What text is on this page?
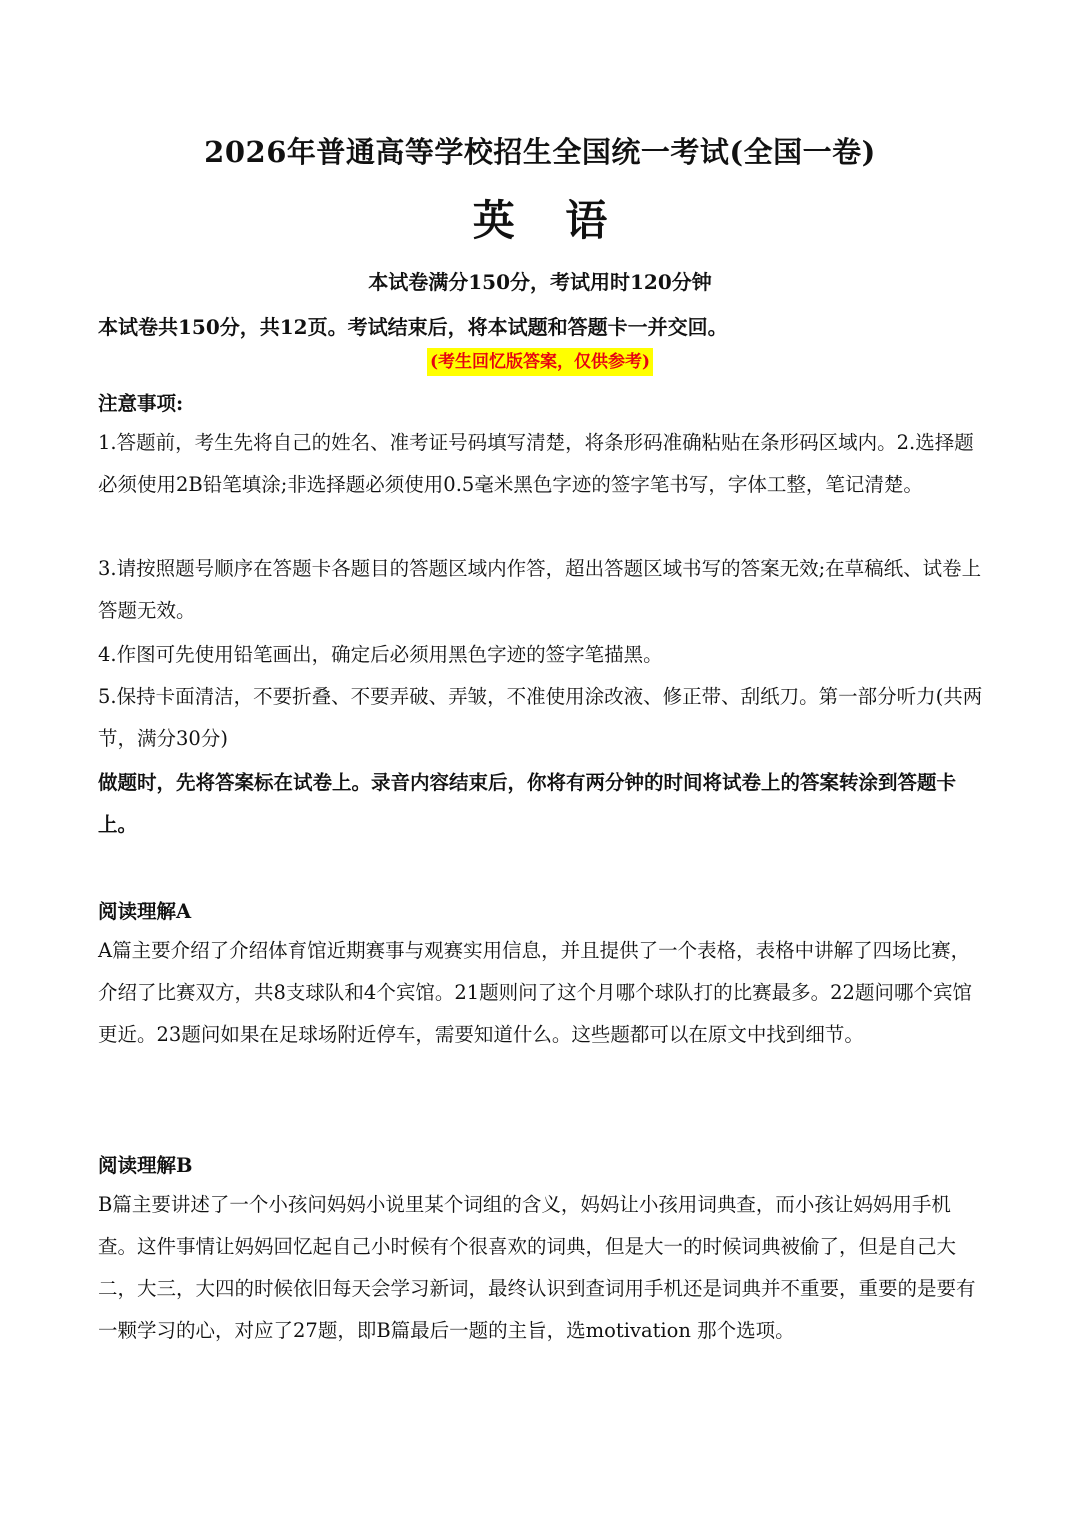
2026年普通高等学校招生全国统一考试(全国一卷)
英 语
本试卷满分150分，考试用时120分钟
本试卷共150分，共12页。考试结束后，将本试题和答题卡一并交回。
(考生回忆版答案，仅供参考)
注意事项:
1.答题前，考生先将自己的姓名、准考证号码填写清楚，将条形码准确粘贴在条形码区域内。2.选择题必须使用2B铅笔填涂;非选择题必须使用0.5毫米黑色字迹的签字笔书写，字体工整，笔记清楚。
3.请按照题号顺序在答题卡各题目的答题区域内作答，超出答题区域书写的答案无效;在草稿纸、试卷上答题无效。
4.作图可先使用铅笔画出，确定后必须用黑色字迹的签字笔描黑。
5.保持卡面清洁，不要折叠、不要弄破、弄皱，不准使用涂改液、修正带、刮纸刀。第一部分听力(共两节，满分30分)
做题时，先将答案标在试卷上。录音内容结束后，你将有两分钟的时间将试卷上的答案转涂到答题卡上。
阅读理解A
A篇主要介绍了介绍体育馆近期赛事与观赛实用信息，并且提供了一个表格，表格中讲解了四场比赛，介绍了比赛双方，共8支球队和4个宾馆。21题则问了这个月哪个球队打的比赛最多。22题问哪个宾馆更近。23题问如果在足球场附近停车，需要知道什么。这些题都可以在原文中找到细节。
阅读理解B
B篇主要讲述了一个小孩问妈妈小说里某个词组的含义，妈妈让小孩用词典查，而小孩让妈妈用手机查。这件事情让妈妈回忆起自己小时候有个很喜欢的词典，但是大一的时候词典被偷了，但是自己大二，大三，大四的时候依旧每天会学习新词，最终认识到查词用手机还是词典并不重要，重要的是要有一颗学习的心，对应了27题，即B篇最后一题的主旨，选motivation 那个选项。
